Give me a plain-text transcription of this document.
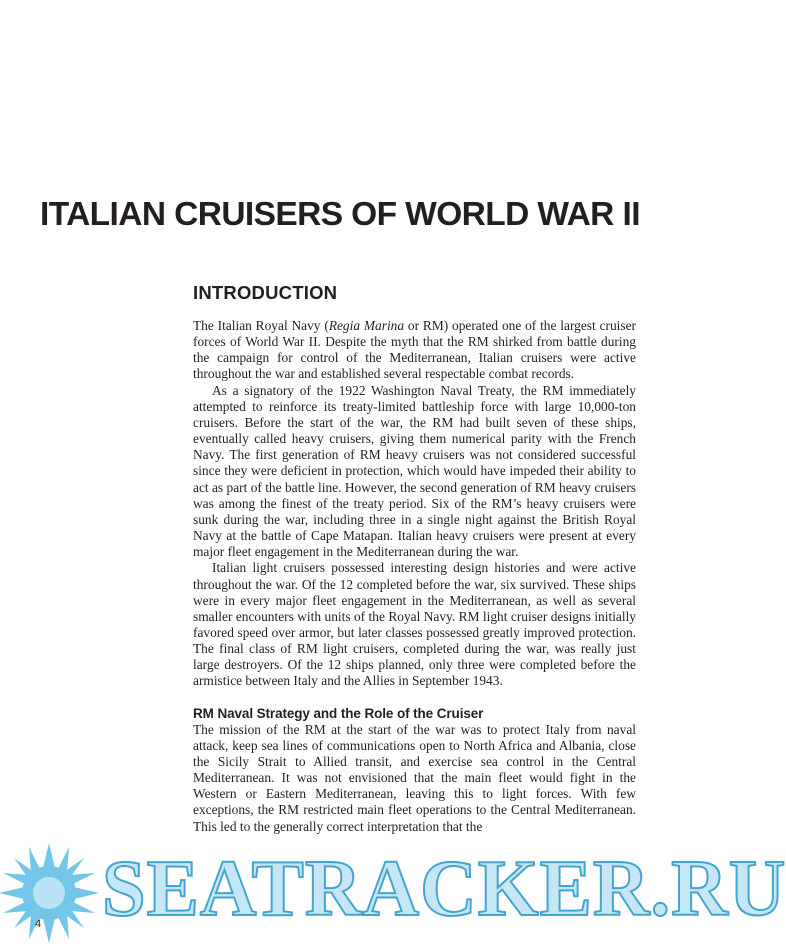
ITALIAN CRUISERS OF WORLD WAR II
INTRODUCTION

The Italian Royal Navy (Regia Marina or RM) operated one of the largest cruiser forces of World War II. Despite the myth that the RM shirked from battle during the campaign for control of the Mediterranean, Italian cruisers were active throughout the war and established several respectable combat records.

As a signatory of the 1922 Washington Naval Treaty, the RM immediately attempted to reinforce its treaty-limited battleship force with large 10,000-ton cruisers. Before the start of the war, the RM had built seven of these ships, eventually called heavy cruisers, giving them numerical parity with the French Navy. The first generation of RM heavy cruisers was not considered successful since they were deficient in protection, which would have impeded their ability to act as part of the battle line. However, the second generation of RM heavy cruisers was among the finest of the treaty period. Six of the RM’s heavy cruisers were sunk during the war, including three in a single night against the British Royal Navy at the battle of Cape Matapan. Italian heavy cruisers were present at every major fleet engagement in the Mediterranean during the war.

Italian light cruisers possessed interesting design histories and were active throughout the war. Of the 12 completed before the war, six survived. These ships were in every major fleet engagement in the Mediterranean, as well as several smaller encounters with units of the Royal Navy. RM light cruiser designs initially favored speed over armor, but later classes possessed greatly improved protection. The final class of RM light cruisers, completed during the war, was really just large destroyers. Of the 12 ships planned, only three were completed before the armistice between Italy and the Allies in September 1943.

RM Naval Strategy and the Role of the Cruiser

The mission of the RM at the start of the war was to protect Italy from naval attack, keep sea lines of communications open to North Africa and Albania, close the Sicily Strait to Allied transit, and exercise sea control in the Central Mediterranean. It was not envisioned that the main fleet would fight in the Western or Eastern Mediterranean, leaving this to light forces. With few exceptions, the RM restricted main fleet operations to the Central Mediterranean. This led to the generally correct interpretation that the

SEATRACKER.RU

4
